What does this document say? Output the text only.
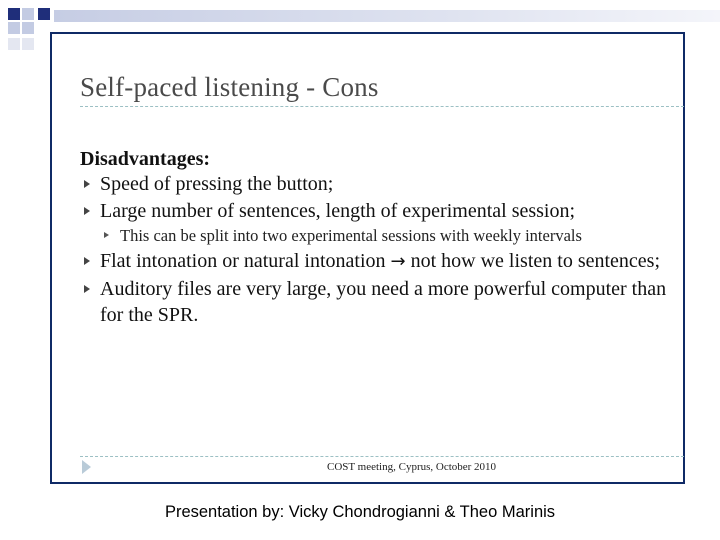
Self-paced listening - Cons
Disadvantages:
Speed of pressing the button;
Large number of sentences, length of experimental session;
This can be split into two experimental sessions with weekly intervals
Flat intonation or natural intonation → not how we listen to sentences;
Auditory files are very large, you need a more powerful computer than for the SPR.
COST meeting, Cyprus, October 2010
Presentation by: Vicky Chondrogianni & Theo Marinis
